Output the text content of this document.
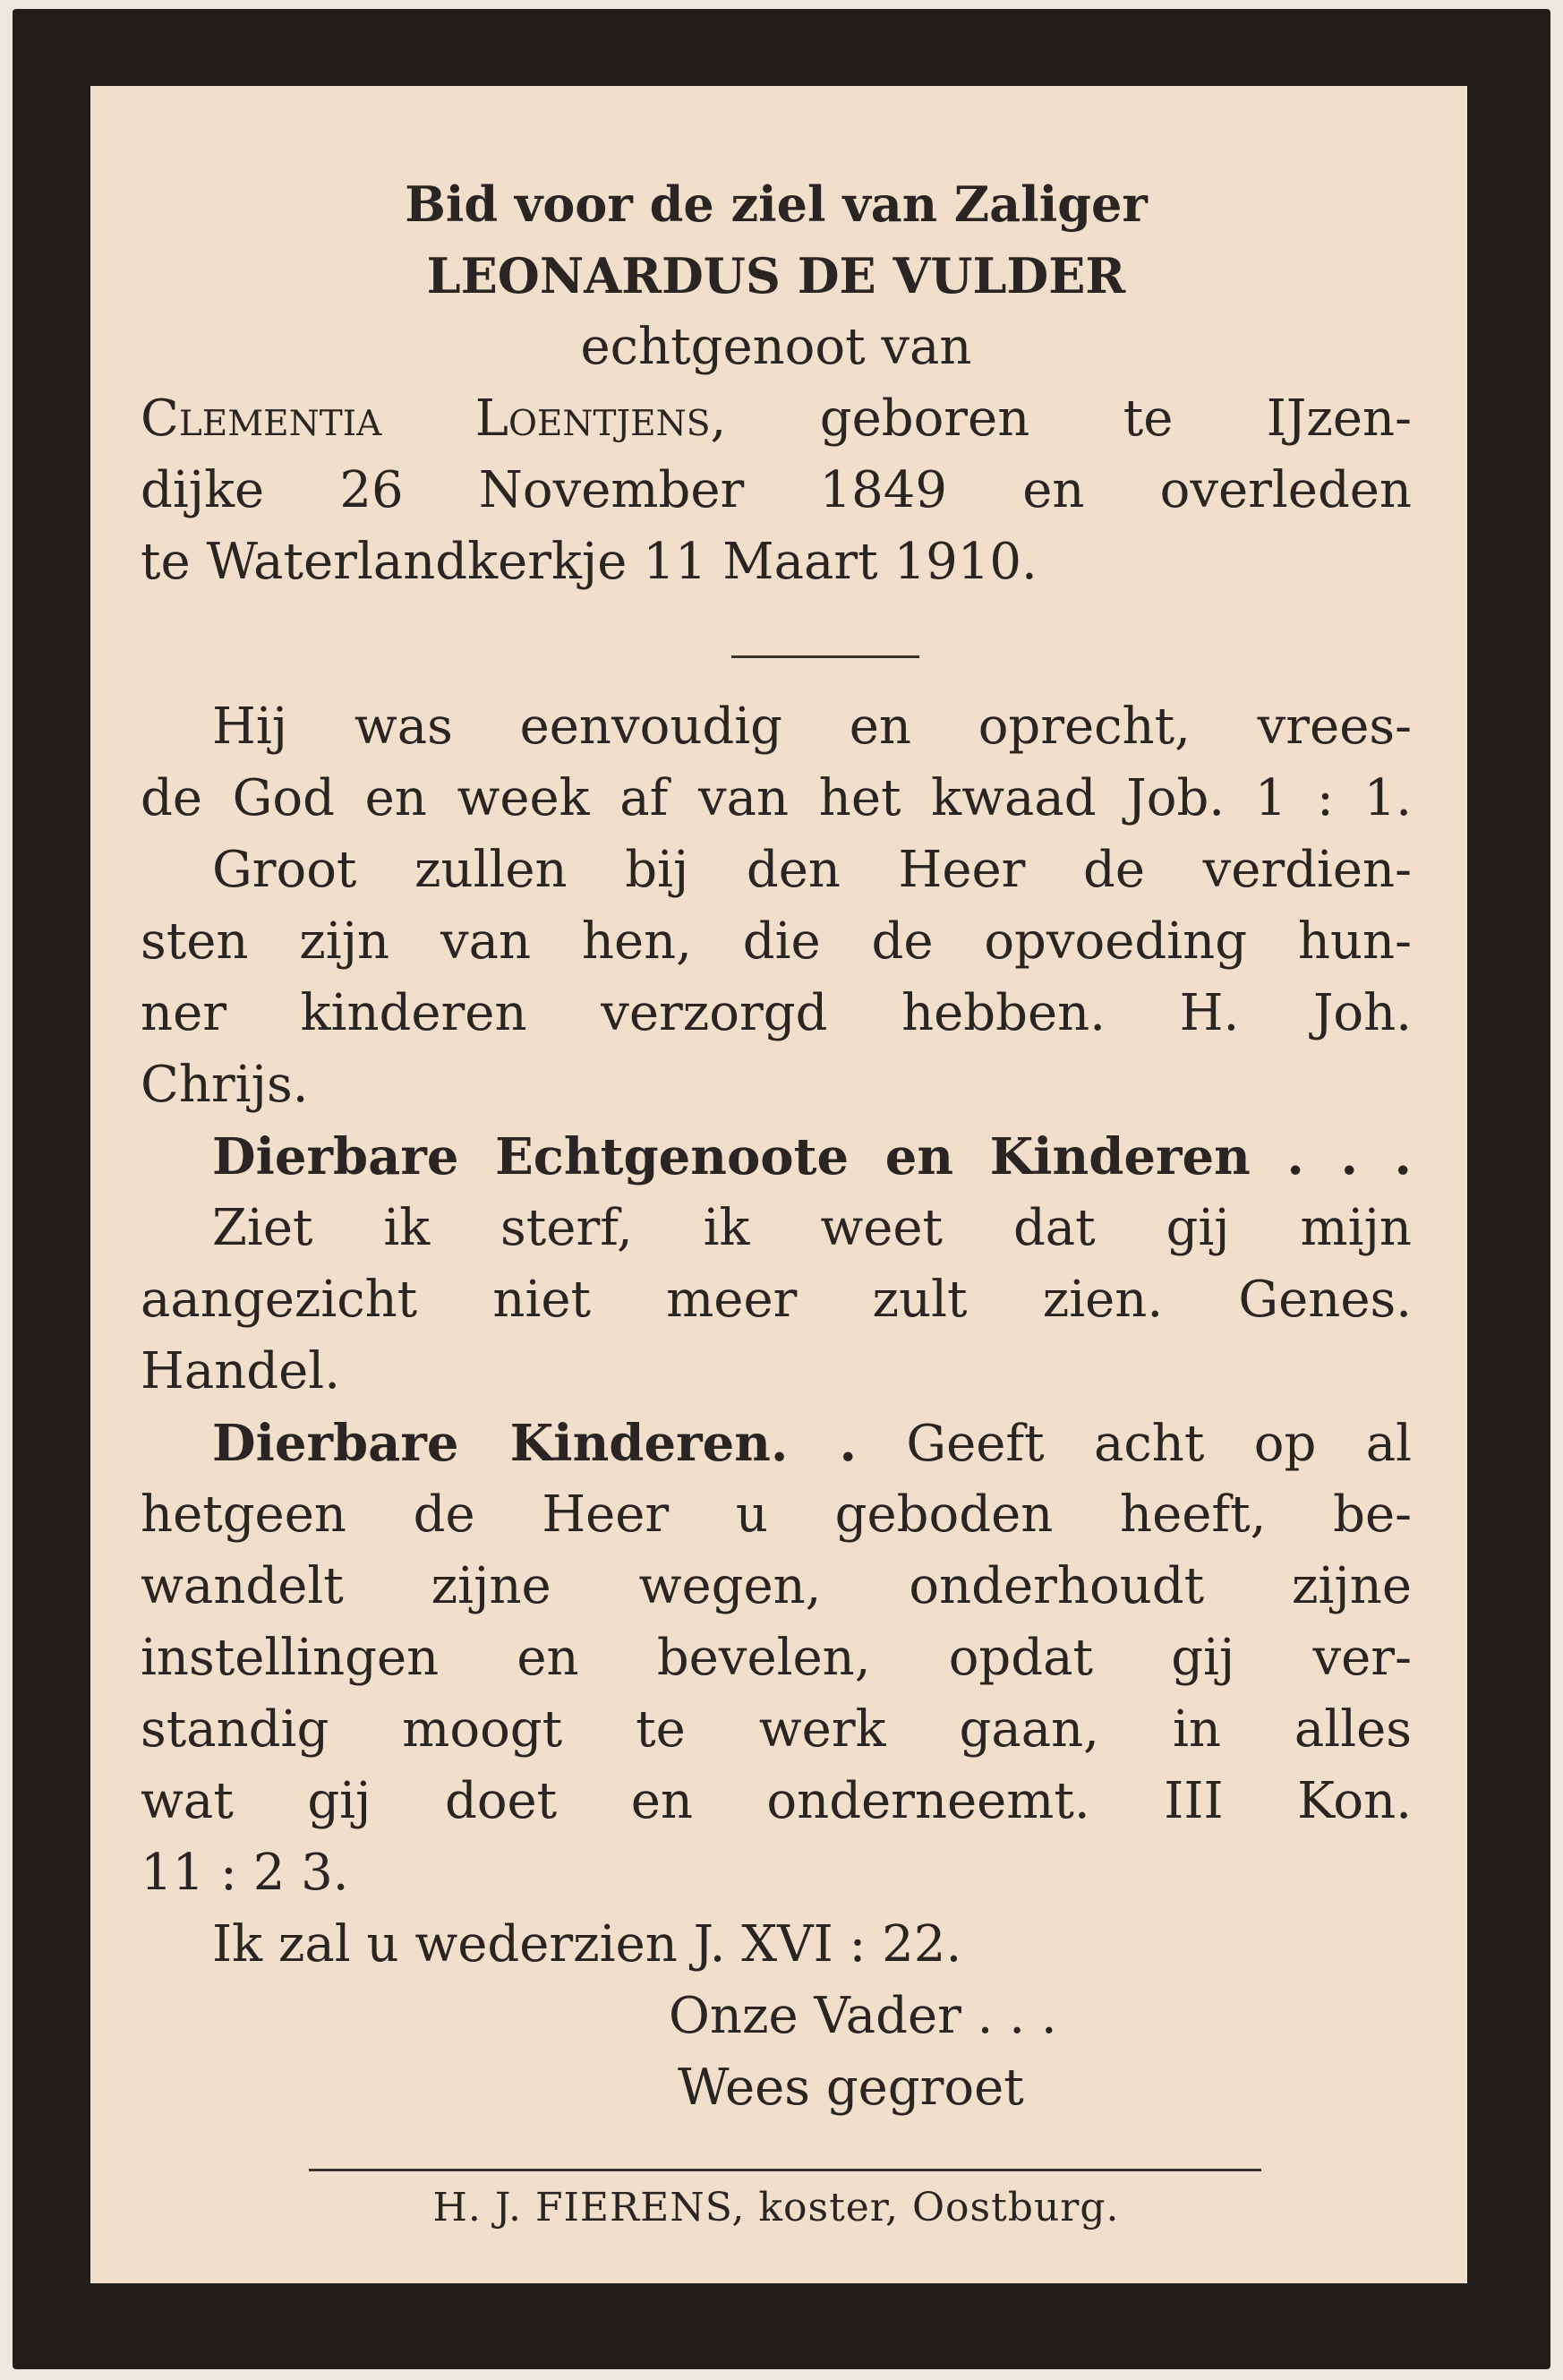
Bid voor de ziel van Zaliger
LEONARDUS DE VULDER
echtgenoot van
Clementia Loentjens, geboren te IJzen-
dijke 26 November 1849 en overleden
te Waterlandkerkje 11 Maart 1910.
Hij was eenvoudig en oprecht, vrees-
de God en week af van het kwaad Job. 1 : 1.
Groot zullen bij den Heer de verdien-
sten zijn van hen, die de opvoeding hun-
ner kinderen verzorgd hebben. H. Joh.
Chrijs.
Dierbare Echtgenoote en Kinderen . . .
Ziet ik sterf, ik weet dat gij mijn
aangezicht niet meer zult zien. Genes.
Handel.
Dierbare Kinderen. . Geeft acht op al
hetgeen de Heer u geboden heeft, be-
wandelt zijne wegen, onderhoudt zijne
instellingen en bevelen, opdat gij ver-
standig moogt te werk gaan, in alles
wat gij doet en onderneemt. III Kon.
11 : 2 3.
Ik zal u wederzien J. XVI : 22.
Onze Vader . . .
Wees gegroet
H. J. FIERENS, koster, Oostburg.
